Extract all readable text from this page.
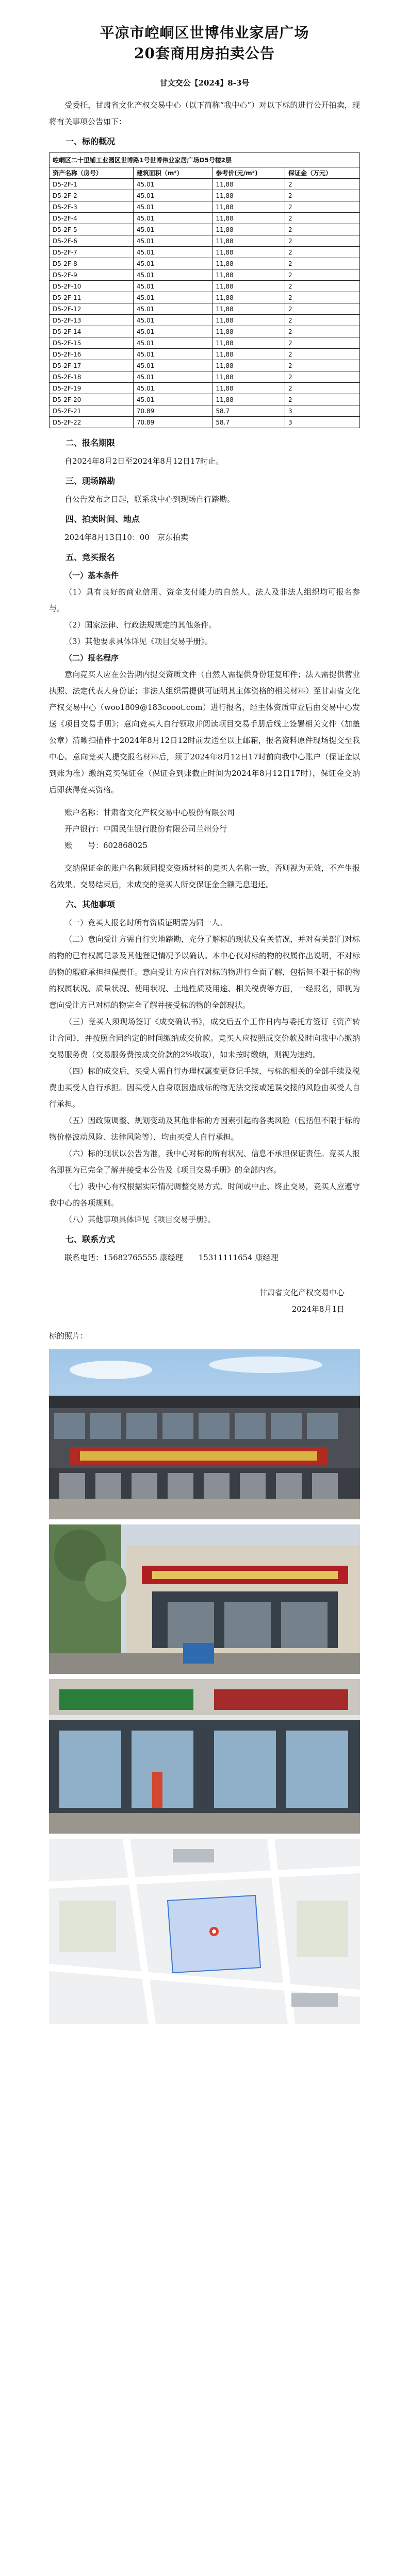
平凉市崆峒区世博伟业家居广场
20套商用房拍卖公告
甘文交公【2024】8-3号

受委托，甘肃省文化产权交易中心（以下简称“我中心”）对以下标的进行公开拍卖，现将有关事项公告如下：

一、标的概况
崆峒区二十里铺工业园区世博路1号世博伟业家居广场D5号楼2层			
资产名称（房号）	建筑面积（m²）	参考价(元/m²)	保证金（万元）
D5-2F-1	45.01	11,88	2
D5-2F-2	45.01	11,88	2
D5-2F-3	45.01	11,88	2
D5-2F-4	45.01	11,88	2
D5-2F-5	45.01	11,88	2
D5-2F-6	45.01	11,88	2
D5-2F-7	45.01	11,88	2
D5-2F-8	45.01	11,88	2
D5-2F-9	45.01	11,88	2
D5-2F-10	45.01	11,88	2
D5-2F-11	45.01	11,88	2
D5-2F-12	45.01	11,88	2
D5-2F-13	45.01	11,88	2
D5-2F-14	45.01	11,88	2
D5-2F-15	45.01	11,88	2
D5-2F-16	45.01	11,88	2
D5-2F-17	45.01	11,88	2
D5-2F-18	45.01	11,88	2
D5-2F-19	45.01	11,88	2
D5-2F-20	45.01	11,88	2
D5-2F-21	70.89	58.7	3
D5-2F-22	70.89	58.7	3
二、报名期限

自2024年8月2日至2024年8月12日17时止。

三、现场踏勘

自公告发布之日起，联系我中心到现场自行踏勘。

四、拍卖时间、地点

2024年8月13日10：00　京东拍卖

五、竞买报名
（一）基本条件

（1）具有良好的商业信用、资金支付能力的自然人、法人及非法人组织均可报名参与。

（2）国家法律、行政法规规定的其他条件。

（3）其他要求具体详见《项目交易手册》。

（二）报名程序

意向竞买人应在公告期内提交资质文件（自然人需提供身份证复印件；法人需提供营业执照、法定代表人身份证；非法人组织需提供可证明其主体资格的相关材料）至甘肃省文化产权交易中心（woo1809@183cooot.com）进行报名，经主体资质审查后由交易中心发送《项目交易手册》；意向竞买人自行领取并阅读项目交易手册后线上签署相关文件（加盖公章）清晰扫描件于2024年8月12日12时前发送至以上邮箱，报名资料原件现场提交至我中心。意向竞买人提交报名材料后，须于2024年8月12日17时前向我中心账户（保证金以到账为准）缴纳竞买保证金（保证金到账截止时间为2024年8月12日17时），保证金交纳后即获得竞买资格。

账户名称：甘肃省文化产权交易中心股份有限公司

开户银行：中国民生银行股份有限公司兰州分行

账　　号：602868025

交纳保证金的账户名称须同提交资质材料的竞买人名称一致，否则视为无效，不产生报名效果。交易结束后，未成交的竞买人所交保证金全额无息退还。

六、其他事项

（一）竞买人报名时所有资质证明需为同一人。

（二）意向受让方需自行实地踏勘，充分了解标的现状及有关情况，并对有关部门对标的物的已有权属记录及其他登记情况予以确认。本中心仅对标的物的权属作出说明，不对标的物的瑕疵承担担保责任。意向受让方应自行对标的物进行全面了解，包括但不限于标的物的权属状况、质量状况、使用状况、土地性质及用途、相关税费等方面，一经报名，即视为意向受让方已对标的物完全了解并接受标的物的全部现状。

（三）竞买人须现场签订《成交确认书》，成交后五个工作日内与委托方签订《资产转让合同》，并按照合同约定的时间缴纳成交价款。竞买人应按照成交价款及时向我中心缴纳交易服务费（交易服务费按成交价款的2%收取），如未按时缴纳，则视为违约。

（四）标的成交后，买受人需自行办理权属变更登记手续，与标的相关的全部手续及税费由买受人自行承担。因买受人自身原因造成标的物无法交接或延误交接的风险由买受人自行承担。

（五）因政策调整、规划变动及其他非标的方因素引起的各类风险（包括但不限于标的物价格波动风险、法律风险等），均由买受人自行承担。

（六）标的现状以公告为准，我中心对标的所有状况、信息不承担保证责任。竞买人报名即视为已完全了解并接受本公告及《项目交易手册》的全部内容。

（七）我中心有权根据实际情况调整交易方式、时间或中止、终止交易，竞买人应遵守我中心的各项规则。

（八）其他事项具体详见《项目交易手册》。

七、联系方式

联系电话：15682765555 康经理　　15311111654 康经理

甘肃省文化产权交易中心

2024年8月1日

标的照片：
